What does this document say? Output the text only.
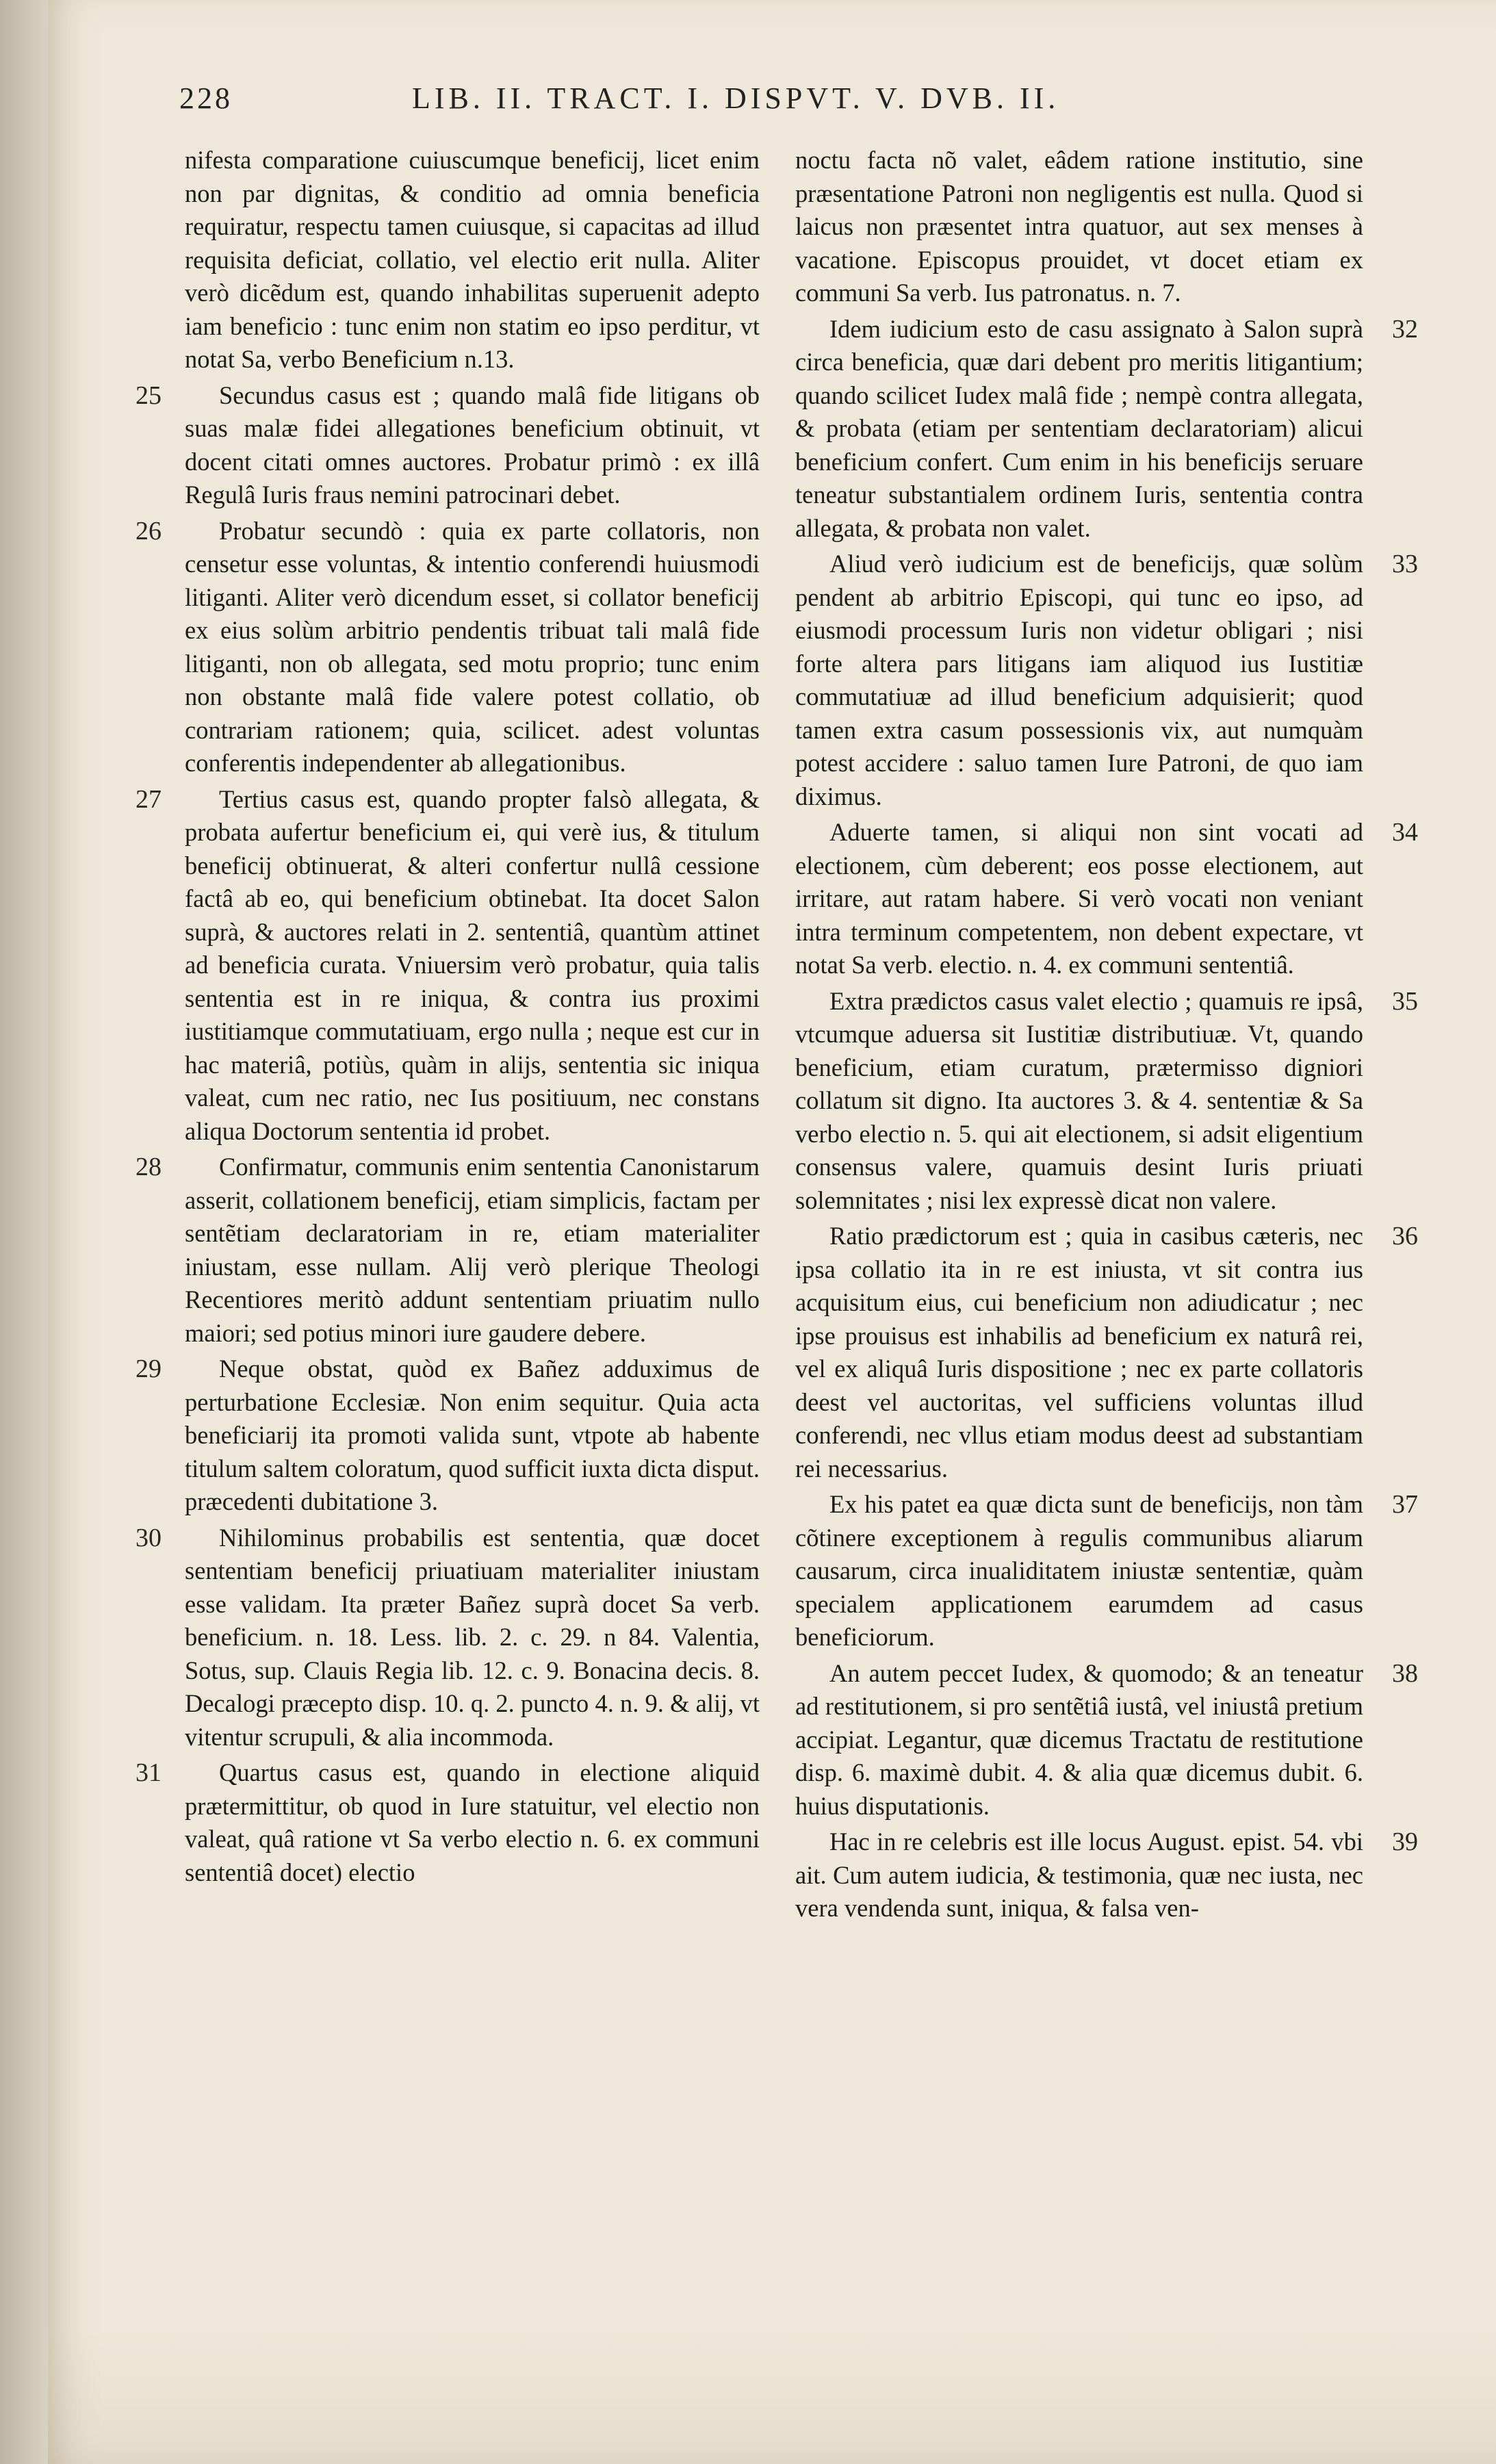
228	LIB. II. TRACT. I. DISPVT. V. DVB. II.

nifesta comparatione cuiuscumque beneficij, licet enim non par dignitas, & conditio ad omnia beneficia requiratur, respectu tamen cuiusque, si capacitas ad illud requisita deficiat, collatio, vel electio erit nulla. Aliter verò dicẽdum est, quando inhabilitas superuenit adepto iam beneficio : tunc enim non statim eo ipso perditur, vt notat Sa, verbo Beneficium n.13.

25 Secundus casus est ; quando malâ fide litigans ob suas malæ fidei allegationes beneficium obtinuit, vt docent citati omnes auctores. Probatur primò : ex illâ Regulâ Iuris fraus nemini patrocinari debet.

26 Probatur secundò : quia ex parte collatoris, non censetur esse voluntas, & intentio conferendi huiusmodi litiganti. Aliter verò dicendum esset, si collator beneficij ex eius solùm arbitrio pendentis tribuat tali malâ fide litiganti, non ob allegata, sed motu proprio; tunc enim non obstante malâ fide valere potest collatio, ob contrariam rationem; quia, scilicet. adest voluntas conferentis independenter ab allegationibus.

27 Tertius casus est, quando propter falsò allegata, & probata aufertur beneficium ei, qui verè ius, & titulum beneficij obtinuerat, & alteri confertur nullâ cessione factâ ab eo, qui beneficium obtinebat. Ita docet Salon suprà, & auctores relati in 2. sententiâ, quantùm attinet ad beneficia curata. Vniuersim verò probatur, quia talis sententia est in re iniqua, & contra ius proximi iustitiamque commutatiuam, ergo nulla ; neque est cur in hac materiâ, potiùs, quàm in alijs, sententia sic iniqua valeat, cum nec ratio, nec Ius positiuum, nec constans aliqua Doctorum sententia id probet.

28 Confirmatur, communis enim sententia Canonistarum asserit, collationem beneficij, etiam simplicis, factam per sentẽtiam declaratoriam in re, etiam materialiter iniustam, esse nullam. Alij verò plerique Theologi Recentiores meritò addunt sententiam priuatim nullo maiori; sed potius minori iure gaudere debere.

29 Neque obstat, quòd ex Bañez adduximus de perturbatione Ecclesiæ. Non enim sequitur. Quia acta beneficiarij ita promoti valida sunt, vtpote ab habente titulum saltem coloratum, quod sufficit iuxta dicta disput. præcedenti dubitatione 3.

30 Nihilominus probabilis est sententia, quæ docet sententiam beneficij priuatiuam materialiter iniustam esse validam. Ita præter Bañez suprà docet Sa verb. beneficium. n. 18. Less. lib. 2. c. 29. n 84. Valentia, Sotus, sup. Clauis Regia lib. 12. c. 9. Bonacina decis. 8. Decalogi præcepto disp. 10. q. 2. puncto 4. n. 9. & alij, vt vitentur scrupuli, & alia incommoda.

31 Quartus casus est, quando in electione aliquid prætermittitur, ob quod in Iure statuitur, vel electio non valeat, quâ ratione vt Sa verbo electio n. 6. ex communi sententiâ docet) electio

noctu facta nõ valet, eâdem ratione institutio, sine præsentatione Patroni non negligentis est nulla. Quod si laicus non præsentet intra quatuor, aut sex menses à vacatione. Episcopus prouidet, vt docet etiam ex communi Sa verb. Ius patronatus. n. 7.

32
Idem iudicium esto de casu assignato à Salon suprà circa beneficia, quæ dari debent pro meritis litigantium; quando scilicet Iudex malâ fide ; nempè contra allegata, & probata (etiam per sententiam declaratoriam) alicui beneficium confert. Cum enim in his beneficijs seruare teneatur substantialem ordinem Iuris, sententia contra allegata, & probata non valet.

33
Aliud verò iudicium est de beneficijs, quæ solùm pendent ab arbitrio Episcopi, qui tunc eo ipso, ad eiusmodi processum Iuris non videtur obligari ; nisi forte altera pars litigans iam aliquod ius Iustitiæ commutatiuæ ad illud beneficium adquisierit; quod tamen extra casum possessionis vix, aut numquàm potest accidere : saluo tamen Iure Patroni, de quo iam diximus.

34
Aduerte tamen, si aliqui non sint vocati ad electionem, cùm deberent; eos posse electionem, aut irritare, aut ratam habere. Si verò vocati non veniant intra terminum competentem, non debent expectare, vt notat Sa verb. electio. n. 4. ex communi sententiâ.

35
Extra prædictos casus valet electio ; quamuis re ipsâ, vtcumque aduersa sit Iustitiæ distributiuæ. Vt, quando beneficium, etiam curatum, prætermisso digniori collatum sit digno. Ita auctores 3. & 4. sententiæ & Sa verbo electio n. 5. qui ait electionem, si adsit eligentium consensus valere, quamuis desint Iuris priuati solemnitates ; nisi lex expressè dicat non valere.

36
Ratio prædictorum est ; quia in casibus cæteris, nec ipsa collatio ita in re est iniusta, vt sit contra ius acquisitum eius, cui beneficium non adiudicatur ; nec ipse prouisus est inhabilis ad beneficium ex naturâ rei, vel ex aliquâ Iuris dispositione ; nec ex parte collatoris deest vel auctoritas, vel sufficiens voluntas illud conferendi, nec vllus etiam modus deest ad substantiam rei necessarius.

37
Ex his patet ea quæ dicta sunt de beneficijs, non tàm cõtinere exceptionem à regulis communibus aliarum causarum, circa inualiditatem iniustæ sententiæ, quàm specialem applicationem earumdem ad casus beneficiorum.

38
An autem peccet Iudex, & quomodo; & an teneatur ad restitutionem, si pro sentẽtiâ iustâ, vel iniustâ pretium accipiat. Legantur, quæ dicemus Tractatu de restitutione disp. 6. maximè dubit. 4. & alia quæ dicemus dubit. 6. huius disputationis.

39
Hac in re celebris est ille locus August. epist. 54. vbi ait. Cum autem iudicia, & testimonia, quæ nec iusta, nec vera vendenda sunt, iniqua, & falsa ven-
